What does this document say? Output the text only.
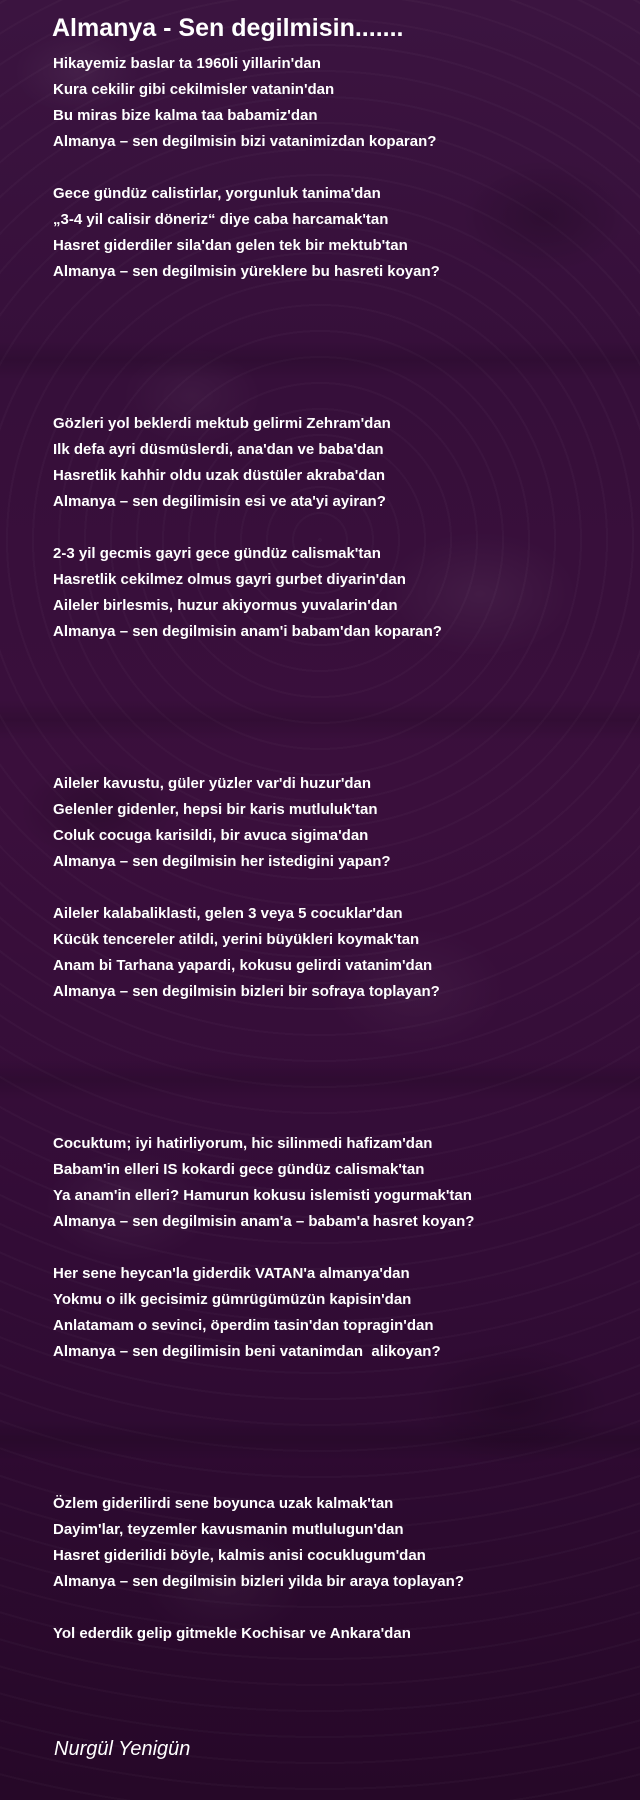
Almanya - Sen degilmisin.......
Hikayemiz baslar ta 1960li yillarin'dan
Kura cekilir gibi cekilmisler vatanin'dan
Bu miras bize kalma taa babamiz'dan
Almanya – sen degilmisin bizi vatanimizdan koparan?
Gece gündüz calistirlar, yorgunluk tanima'dan
„3-4 yil calisir döneriz“ diye caba harcamak'tan
Hasret giderdiler sila'dan gelen tek bir mektub'tan
Almanya – sen degilmisin yüreklere bu hasreti koyan?
Gözleri yol beklerdi mektub gelirmi Zehram'dan
Ilk defa ayri düsmüslerdi, ana'dan ve baba'dan
Hasretlik kahhir oldu uzak düstüler akraba'dan
Almanya – sen degilimisin esi ve ata'yi ayiran?
2-3 yil gecmis gayri gece gündüz calismak'tan
Hasretlik cekilmez olmus gayri gurbet diyarin'dan
Aileler birlesmis, huzur akiyormus yuvalarin'dan
Almanya – sen degilmisin anam'i babam'dan koparan?
Aileler kavustu, güler yüzler var'di huzur'dan
Gelenler gidenler, hepsi bir karis mutluluk'tan
Coluk cocuga karisildi, bir avuca sigima'dan
Almanya – sen degilmisin her istedigini yapan?
Aileler kalabaliklasti, gelen 3 veya 5 cocuklar'dan
Kücük tencereler atildi, yerini büyükleri koymak'tan
Anam bi Tarhana yapardi, kokusu gelirdi vatanim'dan
Almanya – sen degilmisin bizleri bir sofraya toplayan?
Cocuktum; iyi hatirliyorum, hic silinmedi hafizam'dan
Babam'in elleri IS kokardi gece gündüz calismak'tan
Ya anam'in elleri? Hamurun kokusu islemisti yogurmak'tan
Almanya – sen degilmisin anam'a – babam'a hasret koyan?
Her sene heycan'la giderdik VATAN'a almanya'dan
Yokmu o ilk gecisimiz gümrügümüzün kapisin'dan
Anlatamam o sevinci, öperdim tasin'dan topragin'dan
Almanya – sen degilimisin beni vatanimdan  alikoyan?
Özlem giderilirdi sene boyunca uzak kalmak'tan
Dayim'lar, teyzemler kavusmanin mutlulugun'dan
Hasret giderilidi böyle, kalmis anisi cocuklugum'dan
Almanya – sen degilmisin bizleri yilda bir araya toplayan?
Yol ederdik gelip gitmekle Kochisar ve Ankara'dan

Nurgül Yenigün
